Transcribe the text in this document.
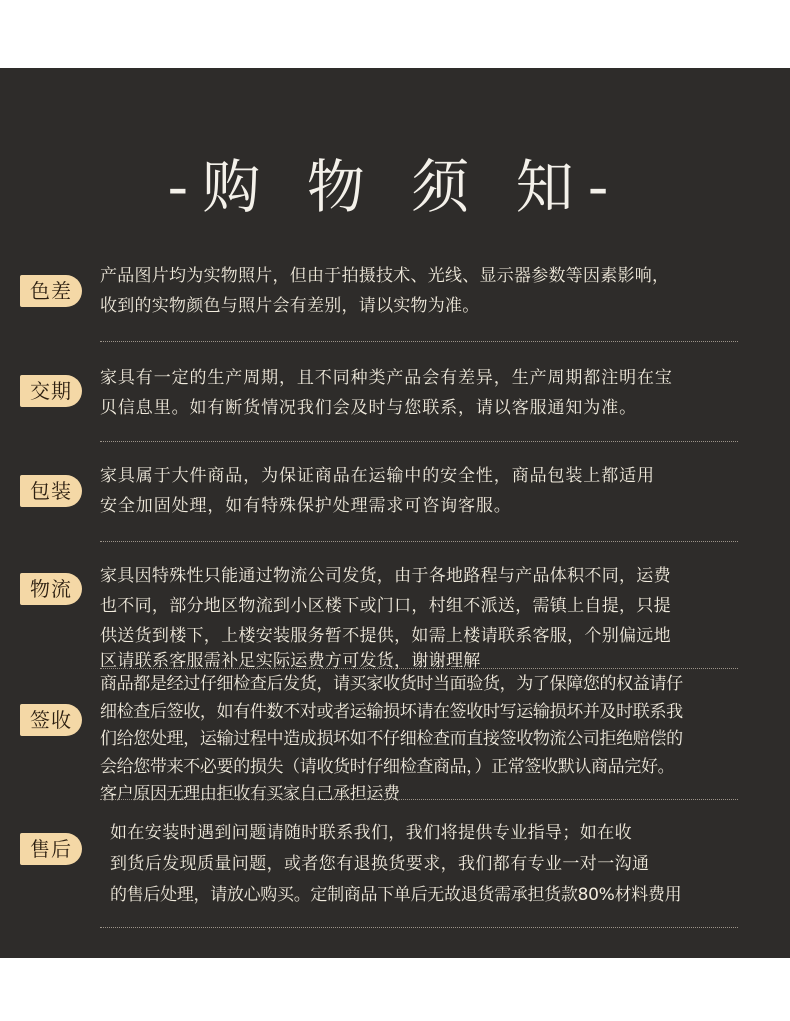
-购 物 须 知-
色差
产品图片均为实物照片，但由于拍摄技术、光线、显示器参数等因素影响，
收到的实物颜色与照片会有差别，请以实物为准。
交期
家具有一定的生产周期，且不同种类产品会有差异，生产周期都注明在宝
贝信息里。如有断货情况我们会及时与您联系，请以客服通知为准。
包装
家具属于大件商品，为保证商品在运输中的安全性，商品包装上都适用
安全加固处理，如有特殊保护处理需求可咨询客服。
物流
家具因特殊性只能通过物流公司发货，由于各地路程与产品体积不同，运费
也不同，部分地区物流到小区楼下或门口，村组不派送，需镇上自提，只提
供送货到楼下，上楼安装服务暂不提供，如需上楼请联系客服，个别偏远地
区请联系客服需补足实际运费方可发货，谢谢理解
签收
商品都是经过仔细检查后发货，请买家收货时当面验货，为了保障您的权益请仔
细检查后签收，如有件数不对或者运输损坏请在签收时写运输损坏并及时联系我
们给您处理，运输过程中造成损坏如不仔细检查而直接签收物流公司拒绝赔偿的
会给您带来不必要的损失（请收货时仔细检查商品，）正常签收默认商品完好。
客户原因无理由拒收有买家自己承担运费
售后
如在安装时遇到问题请随时联系我们，我们将提供专业指导；如在收
到货后发现质量问题，或者您有退换货要求，我们都有专业一对一沟通
的售后处理，请放心购买。定制商品下单后无故退货需承担货款80%材料费用
